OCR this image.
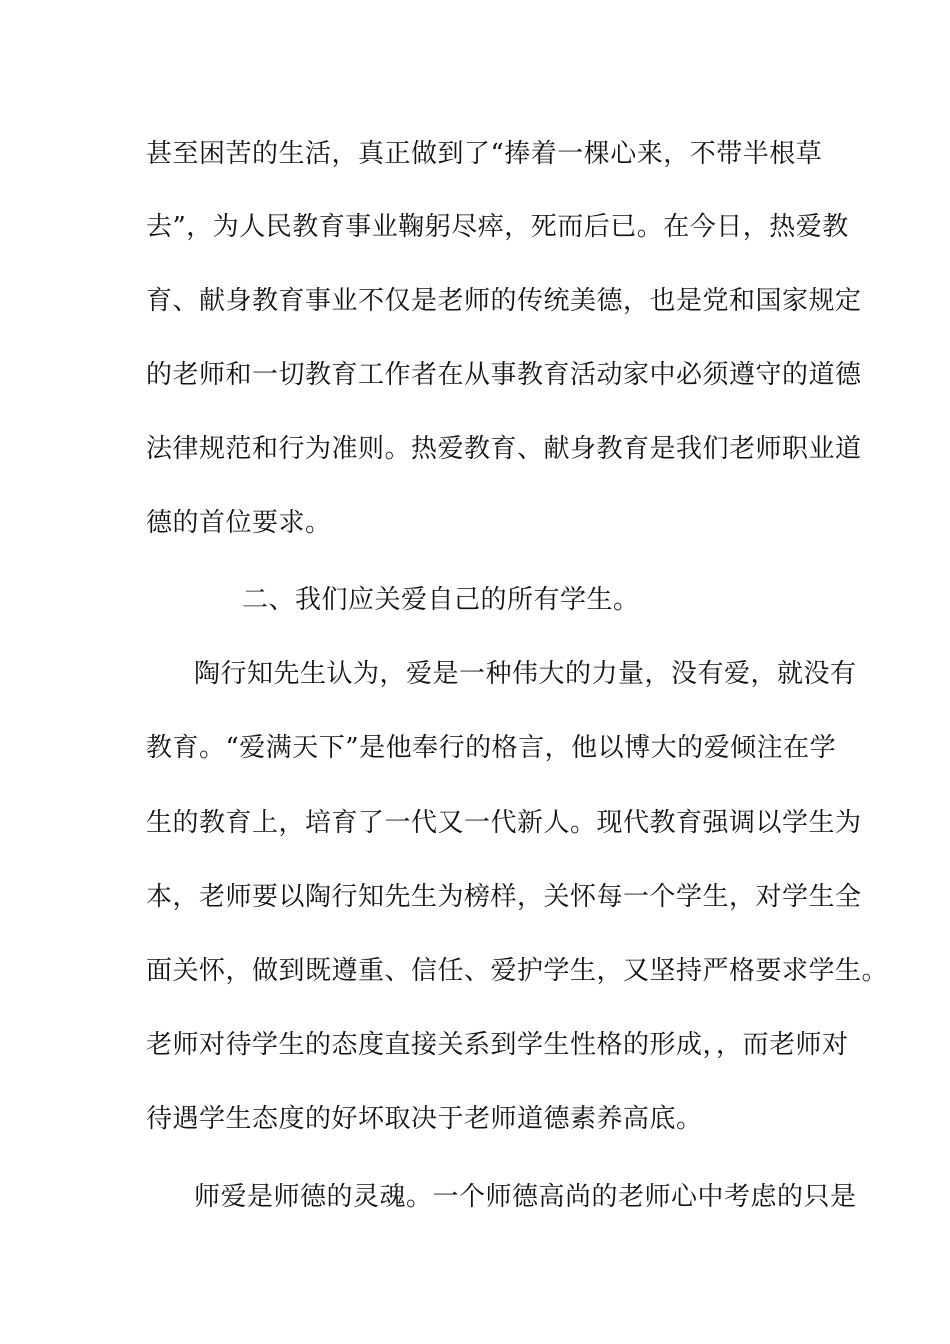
甚至困苦的生活，真正做到了“捧着一棵心来，不带半根草

去”，为人民教育事业鞠躬尽瘁，死而后已。在今日，热爱教

育、献身教育事业不仅是老师的传统美德，也是党和国家规定

的老师和一切教育工作者在从事教育活动家中必须遵守的道德

法律规范和行为准则。热爱教育、献身教育是我们老师职业道

德的首位要求。

二、我们应关爱自己的所有学生。

陶行知先生认为，爱是一种伟大的力量，没有爱，就没有

教育。“爱满天下”是他奉行的格言，他以博大的爱倾注在学

生的教育上，培育了一代又一代新人。现代教育强调以学生为

本，老师要以陶行知先生为榜样，关怀每一个学生，对学生全

面关怀，做到既遵重、信任、爱护学生，又坚持严格要求学生。

老师对待学生的态度直接关系到学生性格的形成，，而老师对

待遇学生态度的好坏取决于老师道德素养高底。

师爱是师德的灵魂。一个师德高尚的老师心中考虑的只是
